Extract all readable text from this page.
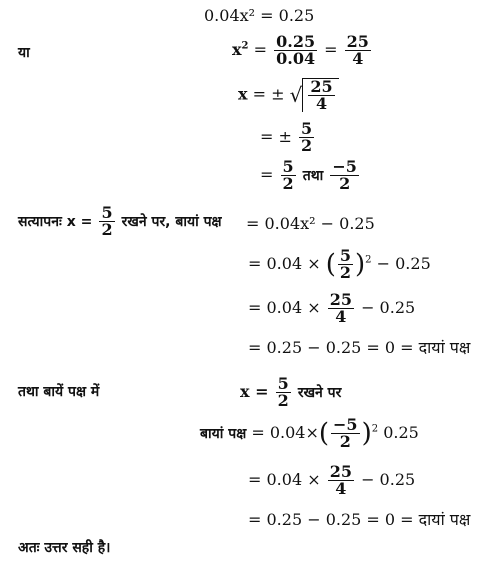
0.04x² = 0.25
या	$x^2 = \frac{0.25}{0.04} = \frac{25}{4}$
x = ± √ $\frac{25}{4}$
= ± $\frac{5}{2}$
= $\frac{5}{2}$ तथा $\frac{-5}{2}$
सत्यापनः $x = \frac{5}{2}$ रखने पर, बायां पक्ष = 0.04x² − 0.25
= 0.04 × ( $\frac{5}{2} )^2 - 0.25$
= $0.04 \times \frac{25}{4} - 0.25$
= 0.25 − 0.25 = 0 = दायां पक्ष
तथा बायें पक्ष में	$x = \frac{5}{2}$ रखने पर
बायां पक्ष = $0.04\times( \frac{-5}{2} )^2$ 0.25
= $0.04 \times \frac{25}{4} - 0.25$
= 0.25 − 0.25 = 0 = दायां पक्ष
अतः उत्तर सही है।
